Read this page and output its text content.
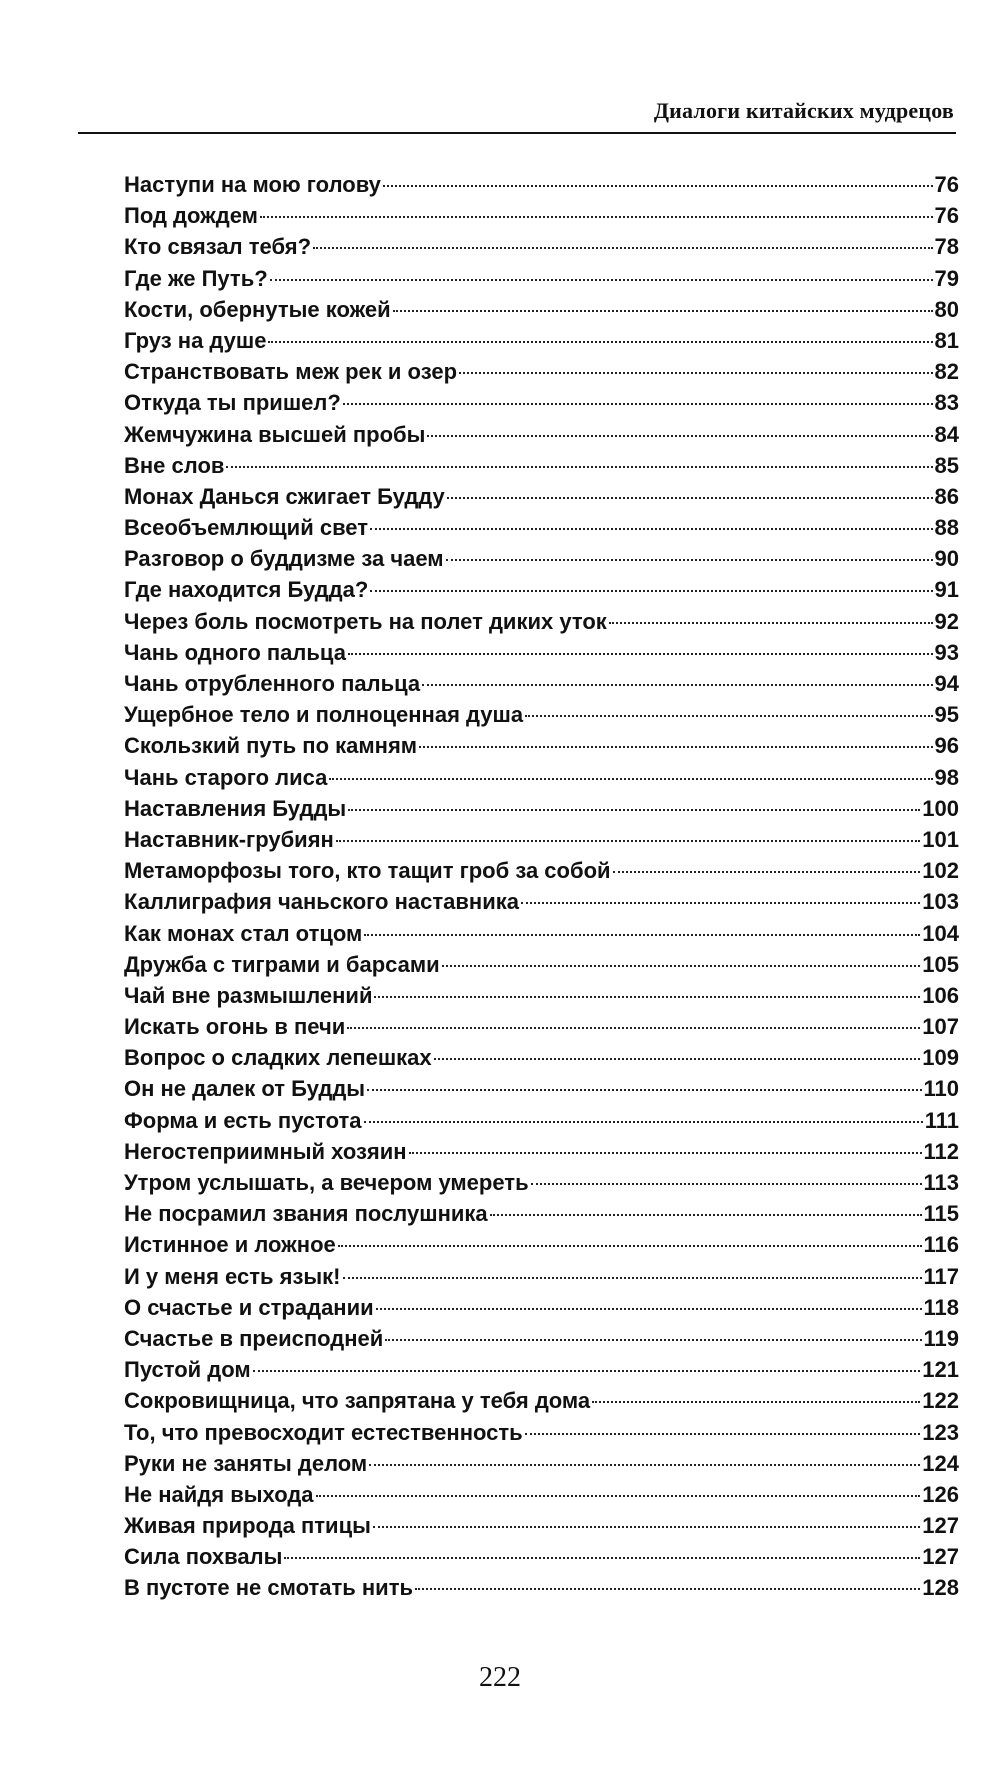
Диалоги китайских мудрецов
Наступи на мою голову	76
Под дождем	76
Кто связал тебя?	78
Где же Путь?	79
Кости, обернутые кожей	80
Груз на душе	81
Странствовать меж рек и озер	82
Откуда ты пришел?	83
Жемчужина высшей пробы	84
Вне слов	85
Монах Данься сжигает Будду	86
Всеобъемлющий свет	88
Разговор о буддизме за чаем	90
Где находится Будда?	91
Через боль посмотреть на полет диких уток	92
Чань одного пальца	93
Чань отрубленного пальца	94
Ущербное тело и полноценная душа	95
Скользкий путь по камням	96
Чань старого лиса	98
Наставления Будды	100
Наставник-грубиян	101
Метаморфозы того, кто тащит гроб за собой	102
Каллиграфия чаньского наставника	103
Как монах стал отцом	104
Дружба с тиграми и барсами	105
Чай вне размышлений	106
Искать огонь в печи	107
Вопрос о сладких лепешках	109
Он не далек от Будды	110
Форма и есть пустота	111
Негостеприимный хозяин	112
Утром услышать, а вечером умереть	113
Не посрамил звания послушника	115
Истинное и ложное	116
И у меня есть язык!	117
О счастье и страдании	118
Счастье в преисподней	119
Пустой дом	121
Сокровищница, что запрятана у тебя дома	122
То, что превосходит естественность	123
Руки не заняты делом	124
Не найдя выхода	126
Живая природа птицы	127
Сила похвалы	127
В пустоте не смотать нить	128
222
